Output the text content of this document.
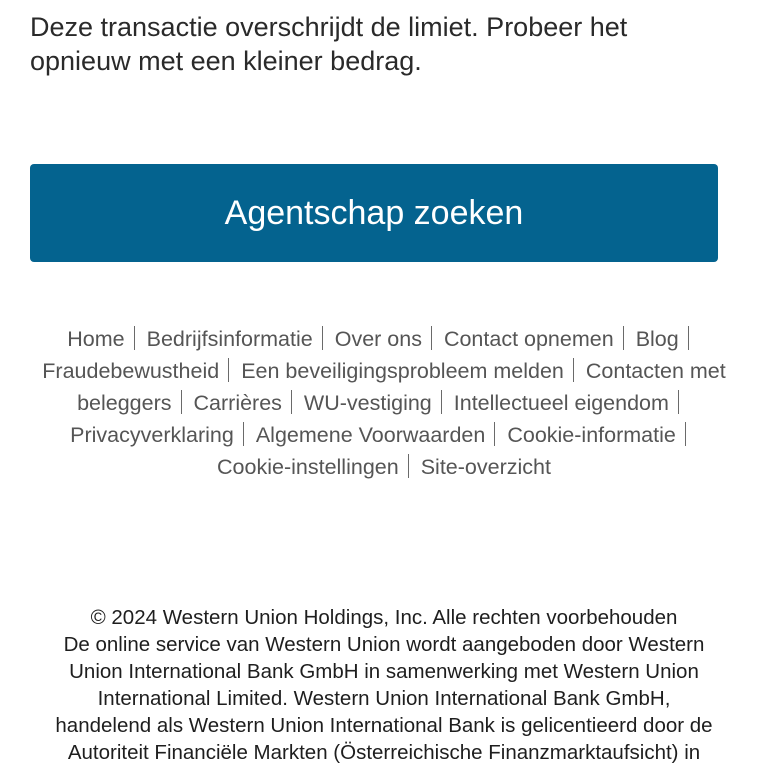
Deze transactie overschrijdt de limiet. Probeer het
opnieuw met een kleiner bedrag.

Agentschap zoeken
Home Bedrijfsinformatie Over ons Contact opnemen Blog
Fraudebewustheid Een beveiligingsprobleem melden Contacten met beleggers Carrières WU-vestiging Intellectueel eigendom
Privacyverklaring Algemene Voorwaarden Cookie-informatie
Cookie-instellingen Site-overzicht

© 2024 Western Union Holdings, Inc. Alle rechten voorbehouden
De online service van Western Union wordt aangeboden door Western
Union International Bank GmbH in samenwerking met Western Union
International Limited. Western Union International Bank GmbH,
handelend als Western Union International Bank is gelicentieerd door de
Autoriteit Financiële Markten (Österreichische Finanzmarktaufsicht) in
